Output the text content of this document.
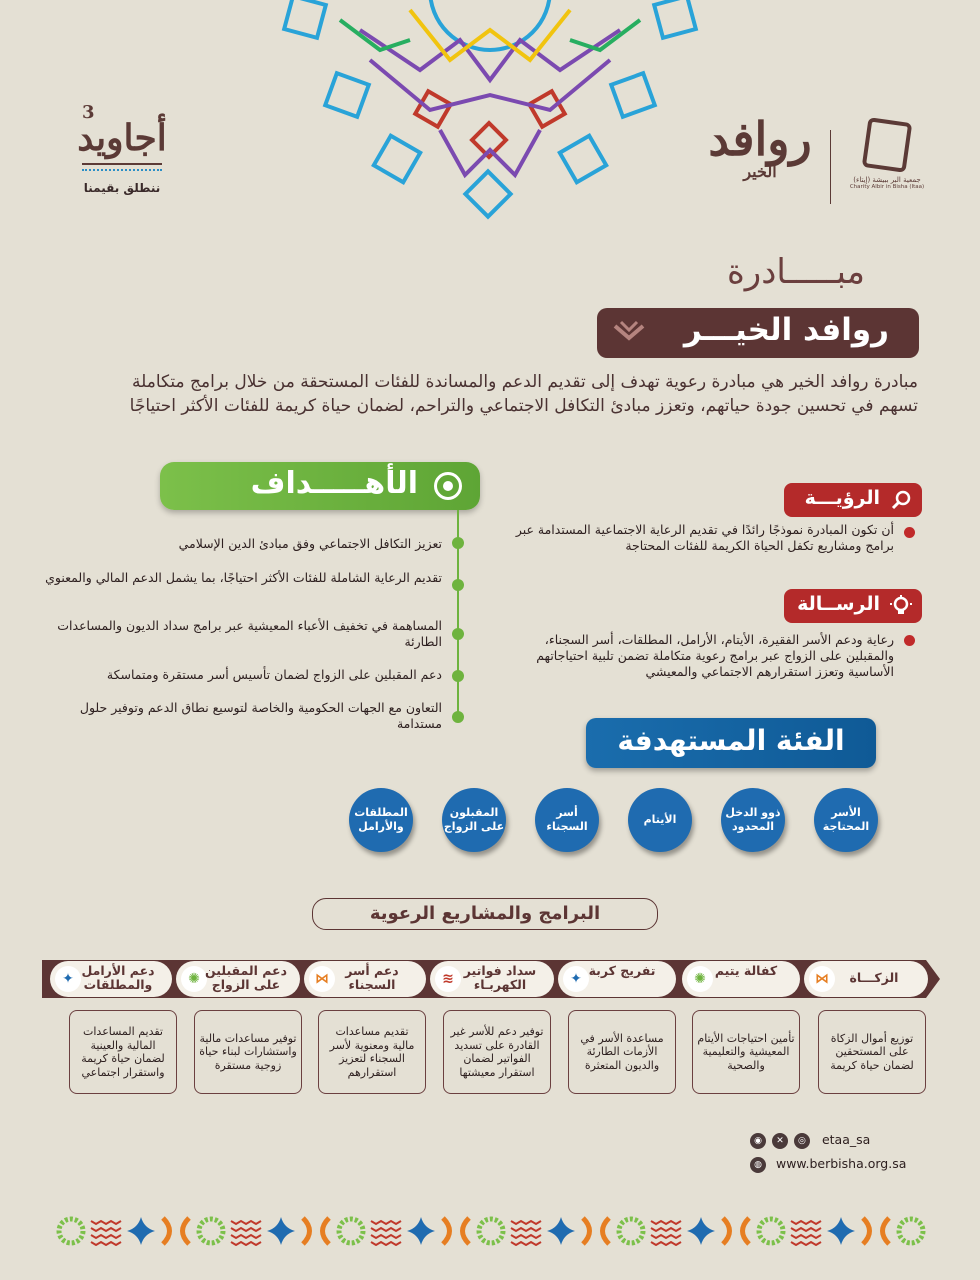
جمعية البر ببيشة (إيتاء)
Charity Albir in Bisha (Itaa)
روافد
الخير
3
أجاويد
ننطلق بقيمنا
مبـــــادرة
روافد الخيـــر

مبادرة روافد الخير هي مبادرة رعوية تهدف إلى تقديم الدعم والمساندة للفئات المستحقة من خلال برامج متكاملة

تسهم في تحسين جودة حياتهم، وتعزز مبادئ التكافل الاجتماعي والتراحم، لضمان حياة كريمة للفئات الأكثر احتياجًا

الأهـــــداف
تعزيز التكافل الاجتماعي وفق مبادئ الدين الإسلامي
تقديم الرعاية الشاملة للفئات الأكثر احتياجًا، بما يشمل الدعم المالي والمعنوي
المساهمة في تخفيف الأعباء المعيشية عبر برامج سداد الديون والمساعدات الطارئة
دعم المقبلين على الزواج لضمان تأسيس أسر مستقرة ومتماسكة
التعاون مع الجهات الحكومية والخاصة لتوسيع نطاق الدعم وتوفير حلول مستدامة
الرؤيـــة
أن تكون المبادرة نموذجًا رائدًا في تقديم الرعاية الاجتماعية المستدامة عبر برامج ومشاريع تكفل الحياة الكريمة للفئات المحتاجة
الرســالة
رعاية ودعم الأسر الفقيرة، الأيتام، الأرامل، المطلقات، أسر السجناء، والمقبلين على الزواج عبر برامج رعوية متكاملة تضمن تلبية احتياجاتهم الأساسية وتعزز استقرارهم الاجتماعي والمعيشي
الفئة المستهدفة
الأسر المحتاجة
ذوو الدخل المحدود
الأيتام
أسر السجناء
المقبلون على الزواج
المطلقات والأرامل
البرامج والمشاريع الرعوية
⋈	الزكـــاة
✺
كفالة يتيم
✦
تفريج كربة
≋
سداد فواتير الكهربـاء
⋈
دعم أسر السجناء
✺
دعم المقبلين على الزواج
✦
دعم الأرامل والمطلقات
توزيع أموال الزكاة على المستحقين لضمان حياة كريمة
تأمين احتياجات الأيتام المعيشية والتعليمية والصحية
مساعدة الأسر في الأزمات الطارئة والديون المتعثرة
توفير دعم للأسر غير القادرة على تسديد الفواتير لضمان استقرار معيشتها
تقديم مساعدات مالية ومعنوية لأسر السجناء لتعزيز استقرارهم
توفير مساعدات مالية واستشارات لبناء حياة زوجية مستقرة
تقديم المساعدات المالية والعينية لضمان حياة كريمة واستقرار اجتماعي
◉ ✕ ◎ etaa_sa
◍ www.berbisha.org.sa
